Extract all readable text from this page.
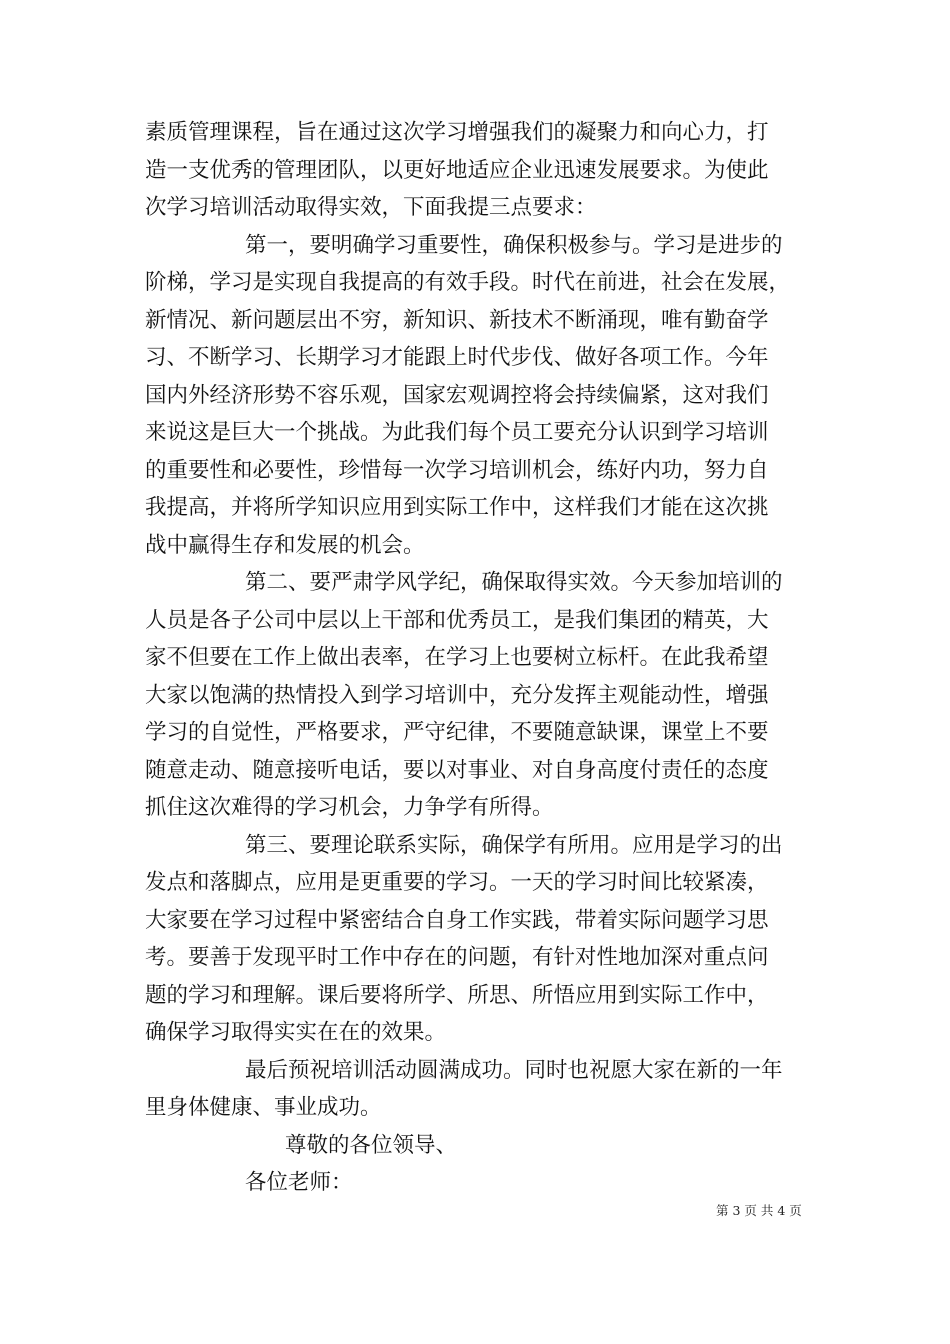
素质管理课程，旨在通过这次学习增强我们的凝聚力和向心力，打
造一支优秀的管理团队，以更好地适应企业迅速发展要求。为使此
次学习培训活动取得实效，下面我提三点要求：
第一，要明确学习重要性，确保积极参与。学习是进步的
阶梯，学习是实现自我提高的有效手段。时代在前进，社会在发展，
新情况、新问题层出不穷，新知识、新技术不断涌现，唯有勤奋学
习、不断学习、长期学习才能跟上时代步伐、做好各项工作。今年
国内外经济形势不容乐观，国家宏观调控将会持续偏紧，这对我们
来说这是巨大一个挑战。为此我们每个员工要充分认识到学习培训
的重要性和必要性，珍惜每一次学习培训机会，练好内功，努力自
我提高，并将所学知识应用到实际工作中，这样我们才能在这次挑
战中赢得生存和发展的机会。
第二、要严肃学风学纪，确保取得实效。今天参加培训的
人员是各子公司中层以上干部和优秀员工，是我们集团的精英，大
家不但要在工作上做出表率，在学习上也要树立标杆。在此我希望
大家以饱满的热情投入到学习培训中，充分发挥主观能动性，增强
学习的自觉性，严格要求，严守纪律，不要随意缺课，课堂上不要
随意走动、随意接听电话，要以对事业、对自身高度付责任的态度
抓住这次难得的学习机会，力争学有所得。
第三、要理论联系实际，确保学有所用。应用是学习的出
发点和落脚点，应用是更重要的学习。一天的学习时间比较紧凑，
大家要在学习过程中紧密结合自身工作实践，带着实际问题学习思
考。要善于发现平时工作中存在的问题，有针对性地加深对重点问
题的学习和理解。课后要将所学、所思、所悟应用到实际工作中，
确保学习取得实实在在的效果。
最后预祝培训活动圆满成功。同时也祝愿大家在新的一年
里身体健康、事业成功。
尊敬的各位领导、
各位老师：
第 3 页 共 4 页
